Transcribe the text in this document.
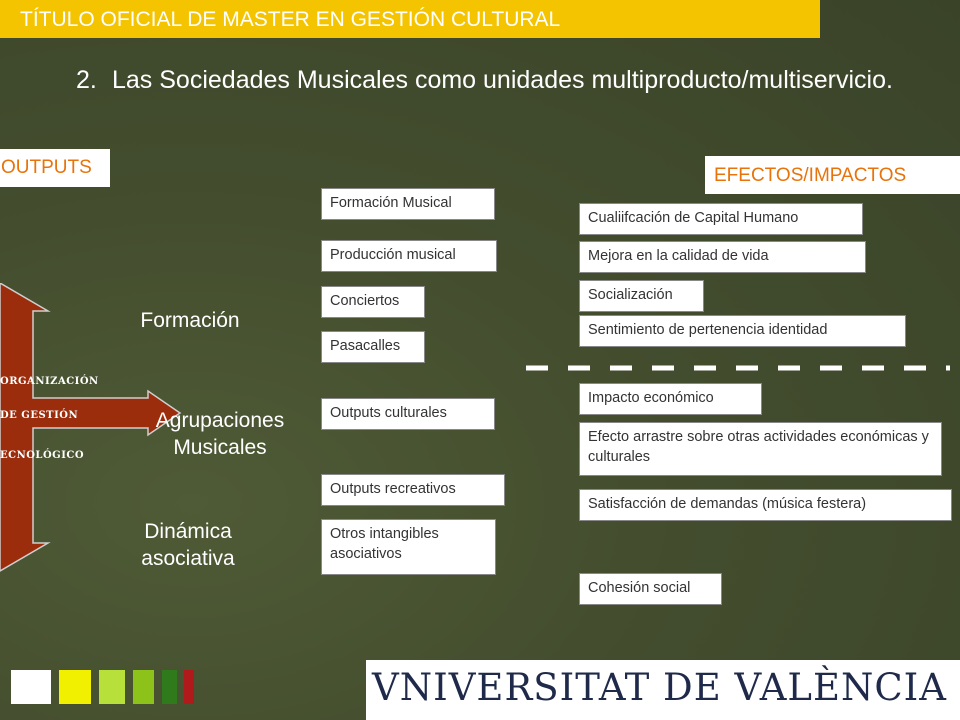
TÍTULO OFICIAL DE MASTER EN GESTIÓN CULTURAL
2. Las Sociedades Musicales como unidades multiproducto/multiservicio.
OUTPUTS	EFECTOS/IMPACTOS
ORGANIZACIÓN
DE GESTIÓN
ECNOLÓGICO
Formación
Agrupaciones
Musicales
Dinámica
asociativa
Formación Musical
Producción musical
Conciertos
Pasacalles
Outputs culturales
Outputs recreativos
Otros intangibles asociativos
Cualiifcación de Capital Humano
Mejora en la calidad de vida
Socialización
Sentimiento de pertenencia identidad
Impacto económico
Efecto arrastre sobre otras actividades económicas y culturales
Satisfacción de demandas (música festera)
Cohesión social
VNIVERSITAT DE VALÈNCIA
